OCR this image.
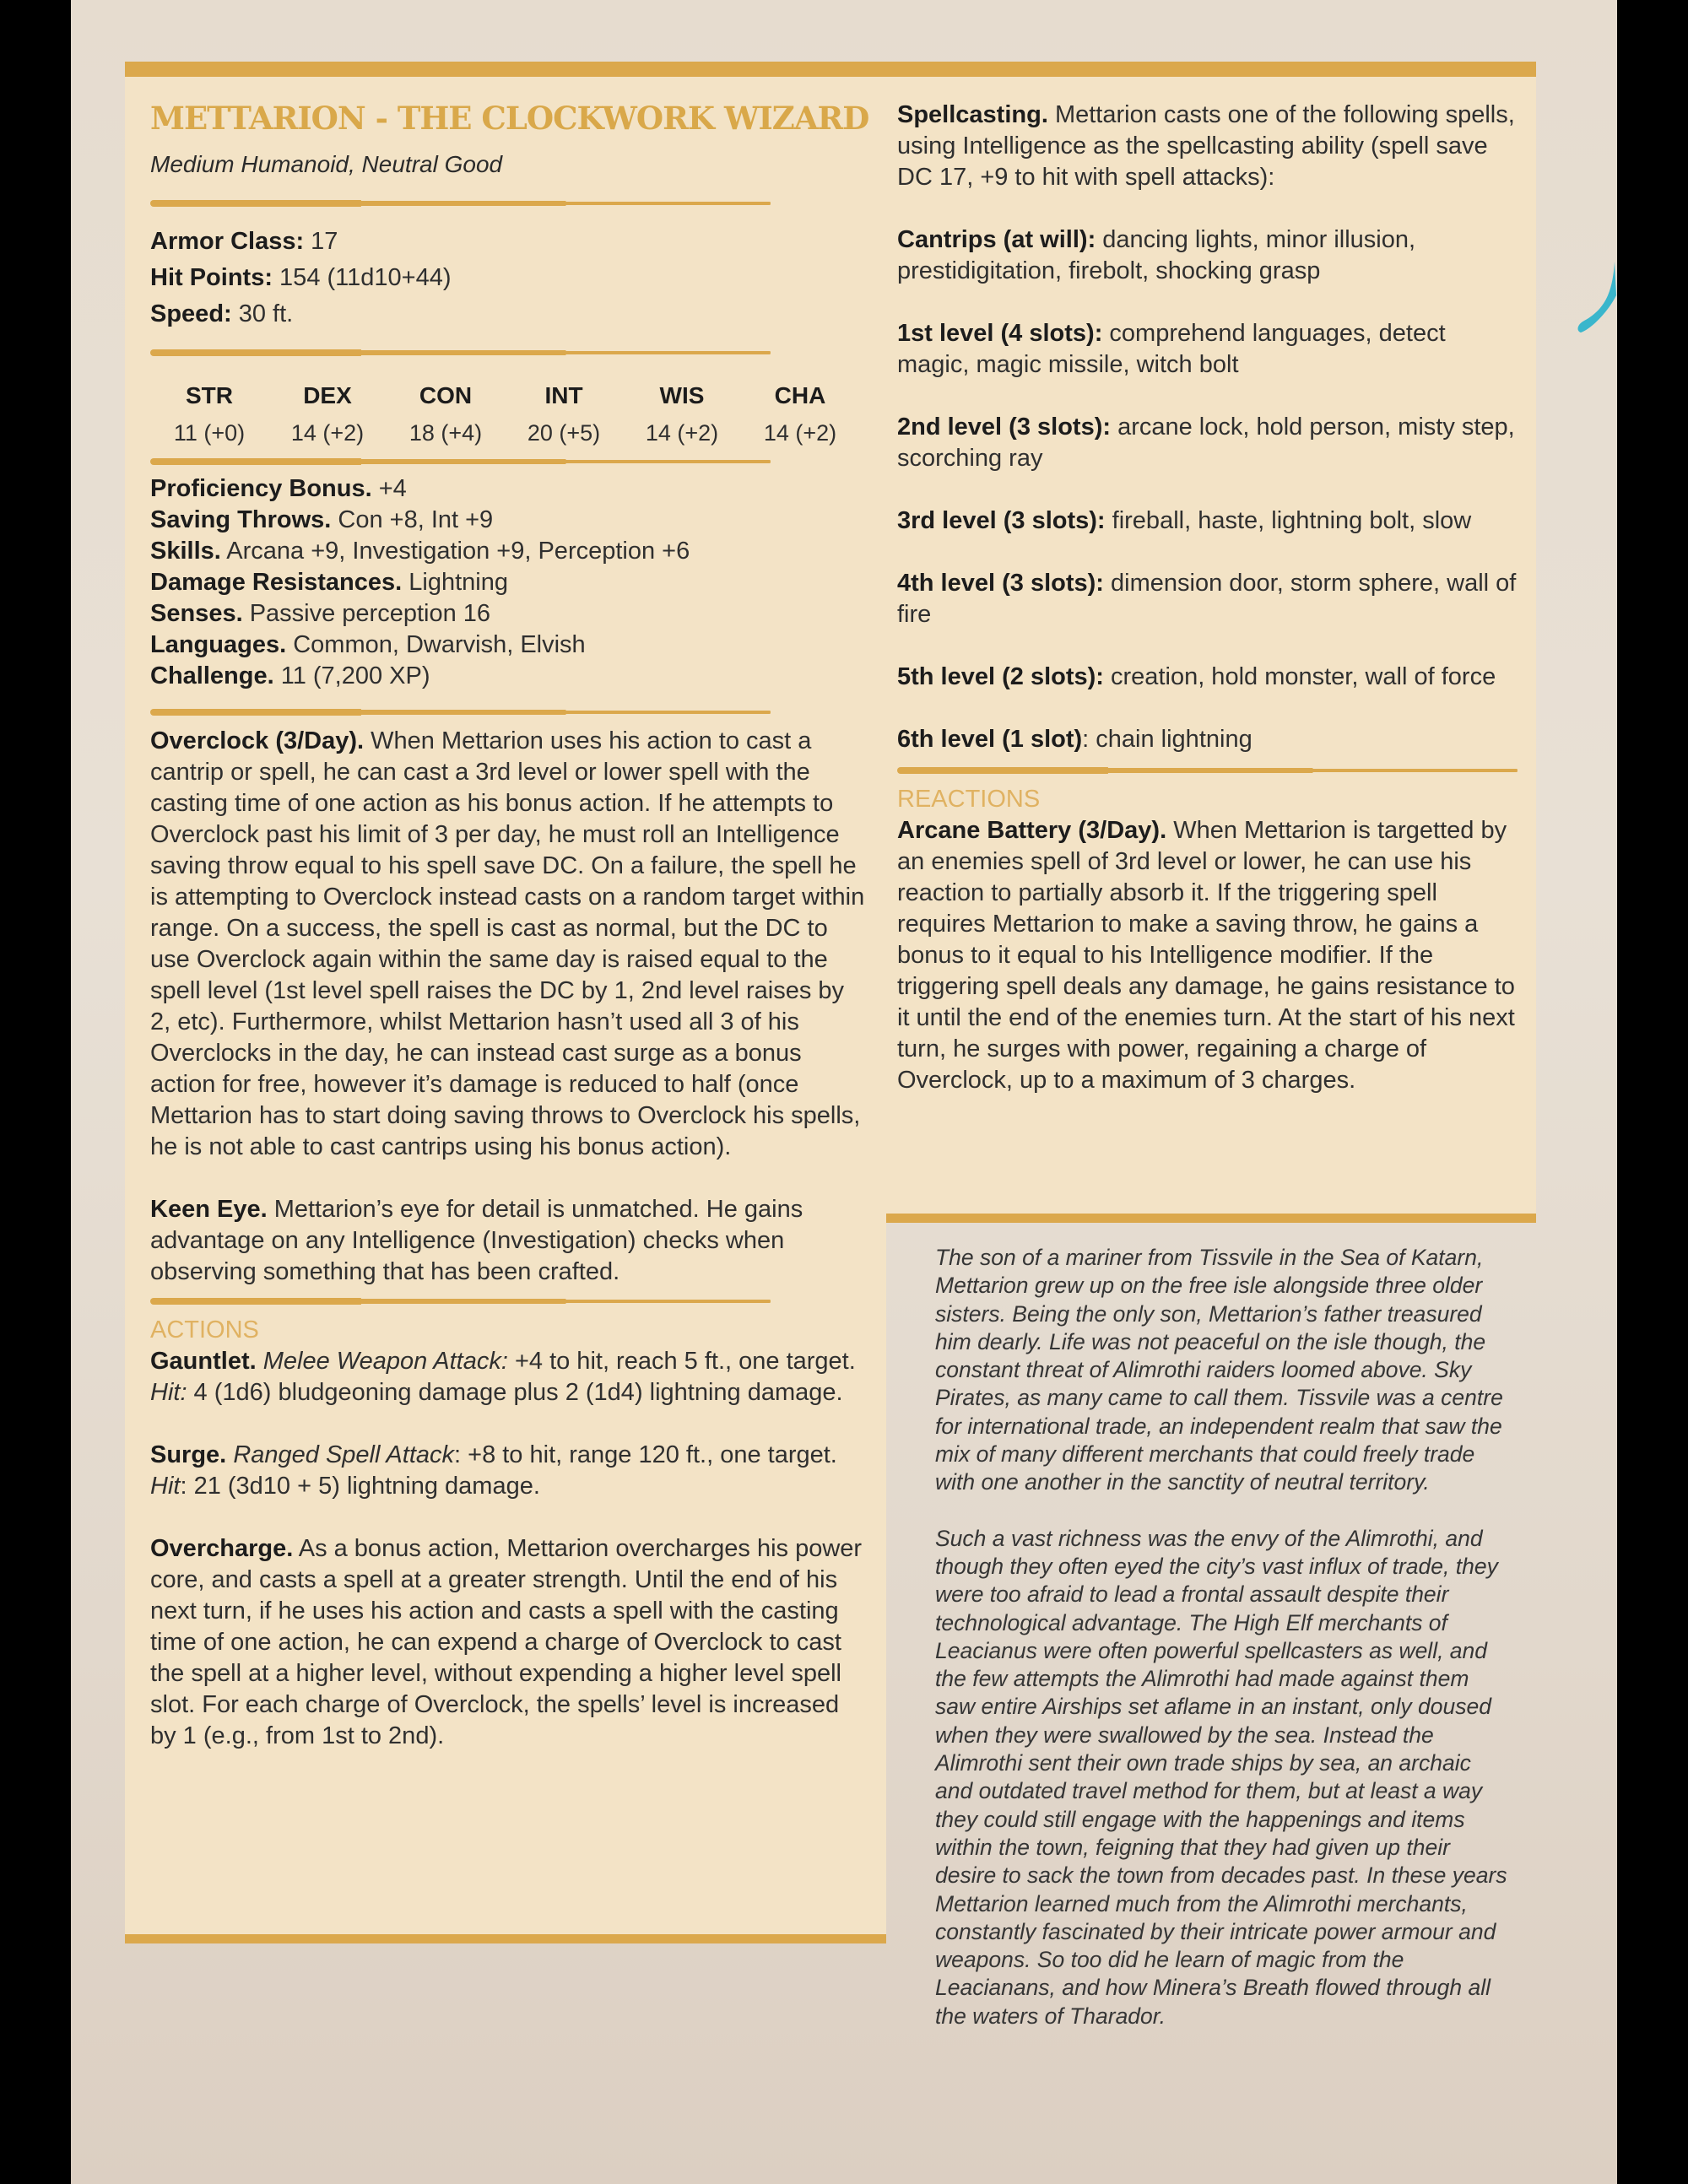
METTARION - THE CLOCKWORK WIZARD
Medium Humanoid, Neutral Good
Armor Class: 17
Hit Points: 154 (11d10+44)
Speed: 30 ft.
STR
11 (+0)
DEX
14 (+2)
CON
18 (+4)
INT
20 (+5)
WIS
14 (+2)
CHA
14 (+2)
Proficiency Bonus. +4
Saving Throws. Con +8, Int +9
Skills. Arcana +9, Investigation +9, Perception +6
Damage Resistances. Lightning
Senses. Passive perception 16
Languages. Common, Dwarvish, Elvish
Challenge. 11 (7,200 XP)

Overclock (3/Day). When Mettarion uses his action to cast a cantrip or spell, he can cast a 3rd level or lower spell with the casting time of one action as his bonus action. If he attempts to Overclock past his limit of 3 per day, he must roll an Intelligence saving throw equal to his spell save DC. On a failure, the spell he is attempting to Overclock instead casts on a random target within range. On a success, the spell is cast as normal, but the DC to use Overclock again within the same day is raised equal to the spell level (1st level spell raises the DC by 1, 2nd level raises by 2, etc). Furthermore, whilst Mettarion hasn’t used all 3 of his Overclocks in the day, he can instead cast surge as a bonus action for free, however it’s damage is reduced to half (once Mettarion has to start doing saving throws to Overclock his spells, he is not able to cast cantrips using his bonus action).

Keen Eye. Mettarion’s eye for detail is unmatched. He gains advantage on any Intelligence (Investigation) checks when observing something that has been crafted.

ACTIONS

Gauntlet. Melee Weapon Attack: +4 to hit, reach 5 ft., one target. Hit: 4 (1d6) bludgeoning damage plus 2 (1d4) lightning damage.

Surge. Ranged Spell Attack: +8 to hit, range 120 ft., one target. Hit: 21 (3d10 + 5) lightning damage.

Overcharge. As a bonus action, Mettarion overcharges his power core, and casts a spell at a greater strength. Until the end of his next turn, if he uses his action and casts a spell with the casting time of one action, he can expend a charge of Overclock to cast the spell at a higher level, without expending a higher level spell slot. For each charge of Overclock, the spells’ level is increased by 1 (e.g., from 1st to 2nd).

Spellcasting. Mettarion casts one of the following spells, using Intelligence as the spellcasting ability (spell save DC 17, +9 to hit with spell attacks):

Cantrips (at will): dancing lights, minor illusion, prestidigitation, firebolt, shocking grasp

1st level (4 slots): comprehend languages, detect magic, magic missile, witch bolt

2nd level (3 slots): arcane lock, hold person, misty step, scorching ray

3rd level (3 slots): fireball, haste, lightning bolt, slow

4th level (3 slots): dimension door, storm sphere, wall of fire

5th level (2 slots): creation, hold monster, wall of force

6th level (1 slot): chain lightning

REACTIONS

Arcane Battery (3/Day). When Mettarion is targetted by an enemies spell of 3rd level or lower, he can use his reaction to partially absorb it. If the triggering spell requires Mettarion to make a saving throw, he gains a bonus to it equal to his Intelligence modifier. If the triggering spell deals any damage, he gains resistance to it until the end of the enemies turn. At the start of his next turn, he surges with power, regaining a charge of Overclock, up to a maximum of 3 charges.

The son of a mariner from Tissvile in the Sea of Katarn, Mettarion grew up on the free isle alongside three older sisters. Being the only son, Mettarion’s father treasured him dearly. Life was not peaceful on the isle though, the constant threat of Alimrothi raiders loomed above. Sky Pirates, as many came to call them. Tissvile was a centre for international trade, an independent realm that saw the mix of many different merchants that could freely trade with one another in the sanctity of neutral territory.

Such a vast richness was the envy of the Alimrothi, and though they often eyed the city’s vast influx of trade, they were too afraid to lead a frontal assault despite their technological advantage. The High Elf merchants of Leacianus were often powerful spellcasters as well, and the few attempts the Alimrothi had made against them saw entire Airships set aflame in an instant, only doused when they were swallowed by the sea. Instead the Alimrothi sent their own trade ships by sea, an archaic and outdated travel method for them, but at least a way they could still engage with the happenings and items within the town, feigning that they had given up their desire to sack the town from decades past. In these years Mettarion learned much from the Alimrothi merchants, constantly fascinated by their intricate power armour and weapons. So too did he learn of magic from the Leacianans, and how Minera’s Breath flowed through all the waters of Tharador.
